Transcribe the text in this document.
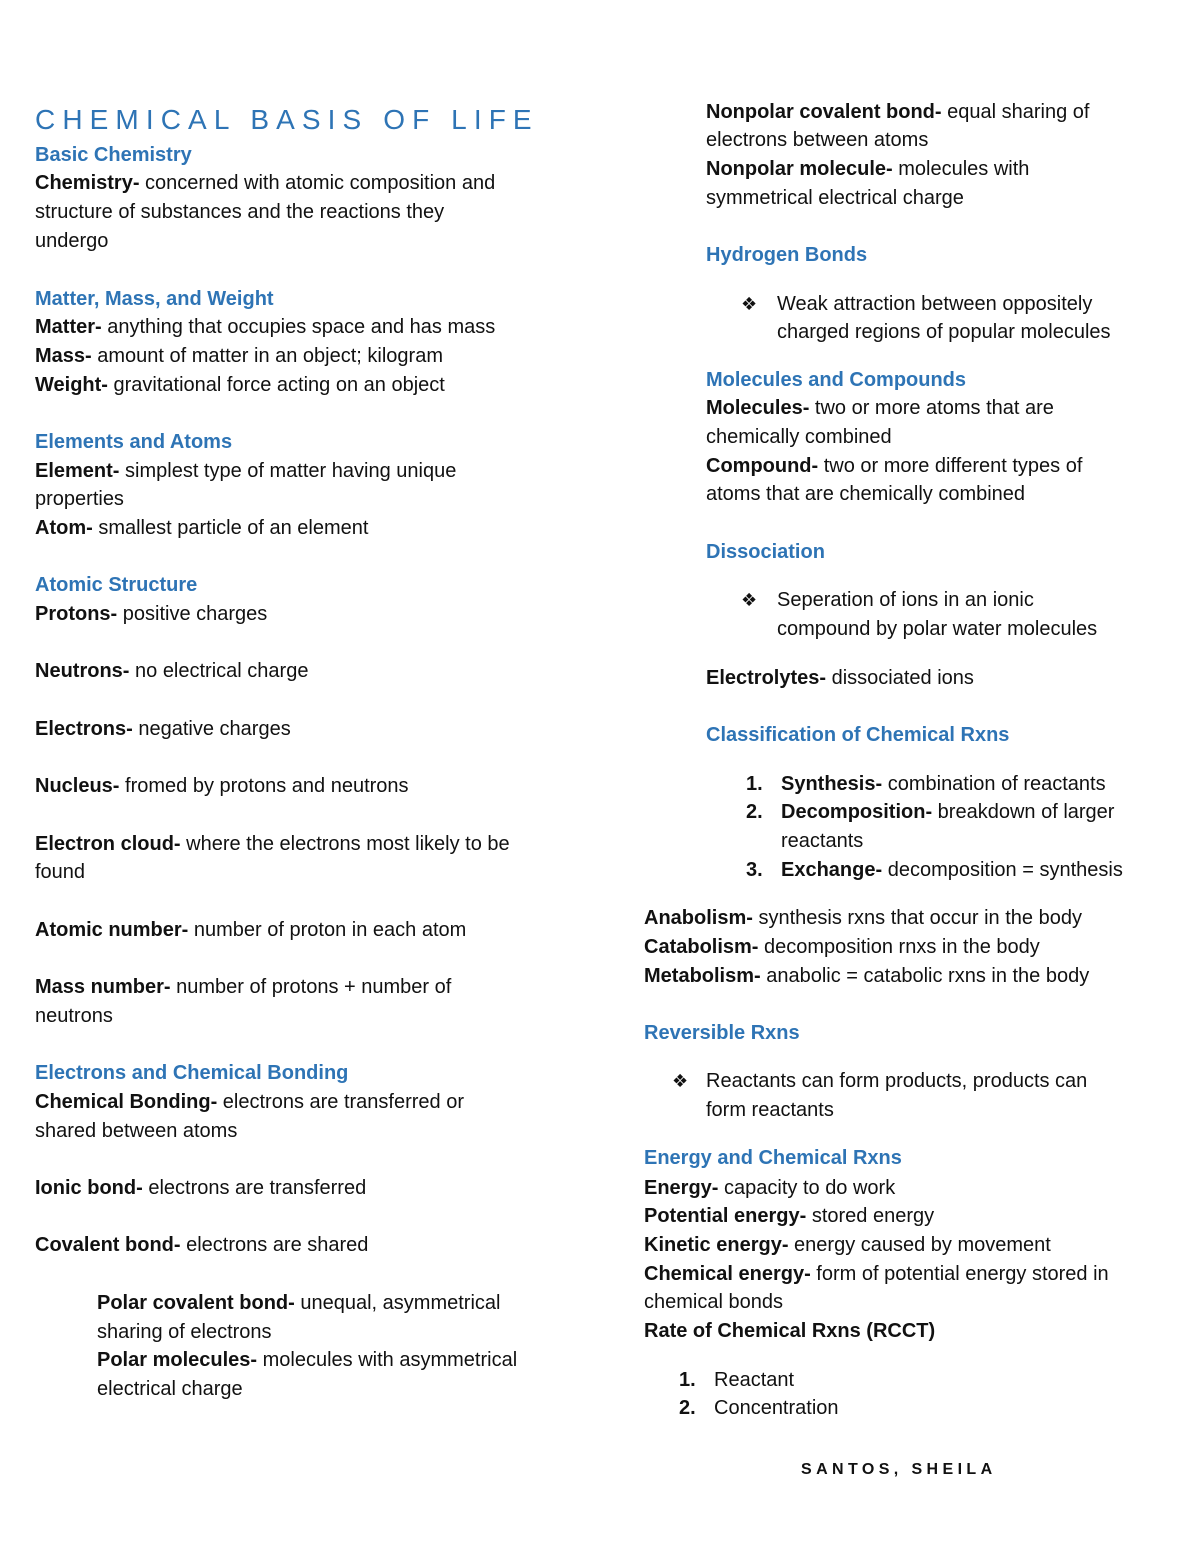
CHEMICAL BASIS OF LIFE
Basic Chemistry
Chemistry- concerned with atomic composition and
structure of substances and the reactions they
undergo
Matter, Mass, and Weight
Matter- anything that occupies space and has mass
Mass- amount of matter in an object; kilogram
Weight- gravitational force acting on an object
Elements and Atoms
Element- simplest type of matter having unique
properties
Atom- smallest particle of an element
Atomic Structure
Protons- positive charges
Neutrons- no electrical charge
Electrons- negative charges
Nucleus- fromed by protons and neutrons
Electron cloud- where the electrons most likely to be
found
Atomic number- number of proton in each atom
Mass number- number of protons + number of
neutrons
Electrons and Chemical Bonding
Chemical Bonding- electrons are transferred or
shared between atoms
Ionic bond- electrons are transferred
Covalent bond- electrons are shared
Polar covalent bond- unequal, asymmetrical
sharing of electrons
Polar molecules- molecules with asymmetrical
electrical charge
Nonpolar covalent bond- equal sharing of
electrons between atoms
Nonpolar molecule- molecules with
symmetrical electrical charge
Hydrogen Bonds
❖ Weak attraction between oppositely
charged regions of popular molecules
Molecules and Compounds
Molecules- two or more atoms that are
chemically combined
Compound- two or more different types of
atoms that are chemically combined
Dissociation
❖ Seperation of ions in an ionic
compound by polar water molecules
Electrolytes- dissociated ions
Classification of Chemical Rxns
1. Synthesis- combination of reactants
2. Decomposition- breakdown of larger
reactants
3. Exchange- decomposition = synthesis
Anabolism- synthesis rxns that occur in the body
Catabolism- decomposition rnxs in the body
Metabolism- anabolic = catabolic rxns in the body
Reversible Rxns
❖ Reactants can form products, products can
form reactants
Energy and Chemical Rxns
Energy- capacity to do work
Potential energy- stored energy
Kinetic energy- energy caused by movement
Chemical energy- form of potential energy stored in
chemical bonds
Rate of Chemical Rxns (RCCT)
1. Reactant
2. Concentration
SANTOS, SHEILA
